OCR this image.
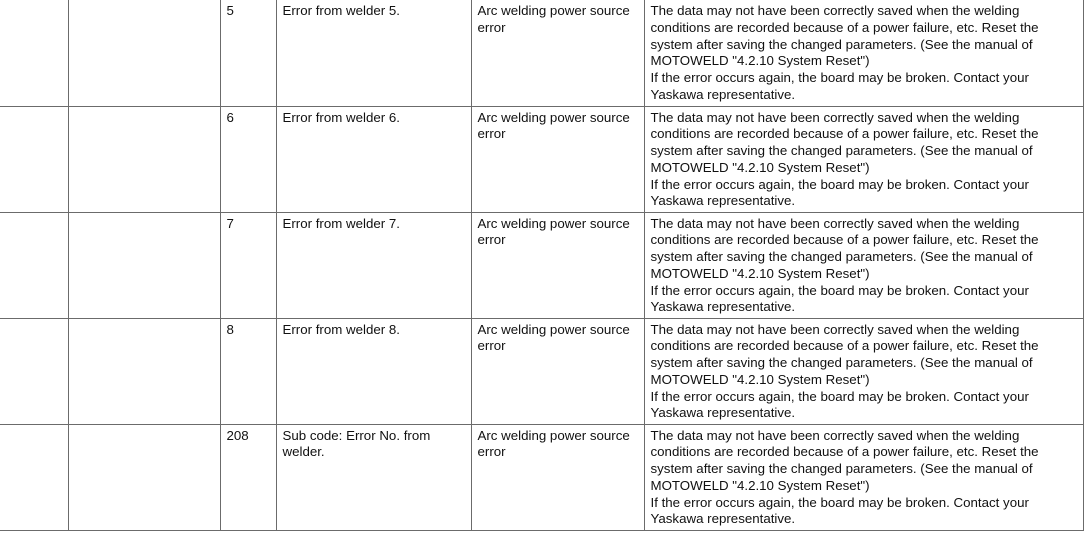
		5	Error from welder 5.	Arc welding power source error	The data may not have been correctly saved when the welding conditions are recorded because of a power failure, etc. Reset the system after saving the changed parameters. (See the manual of MOTOWELD "4.2.10 System Reset")
If the error occurs again, the board may be broken. Contact your Yaskawa representative.

		6	Error from welder 6.	Arc welding power source error	The data may not have been correctly saved when the welding conditions are recorded because of a power failure, etc. Reset the system after saving the changed parameters. (See the manual of MOTOWELD "4.2.10 System Reset")
If the error occurs again, the board may be broken. Contact your Yaskawa representative.

		7	Error from welder 7.	Arc welding power source error	The data may not have been correctly saved when the welding conditions are recorded because of a power failure, etc. Reset the system after saving the changed parameters. (See the manual of MOTOWELD "4.2.10 System Reset")
If the error occurs again, the board may be broken. Contact your Yaskawa representative.

		8	Error from welder 8.	Arc welding power source error	The data may not have been correctly saved when the welding conditions are recorded because of a power failure, etc. Reset the system after saving the changed parameters. (See the manual of MOTOWELD "4.2.10 System Reset")
If the error occurs again, the board may be broken. Contact your Yaskawa representative.

		208	Sub code: Error No. from welder.	Arc welding power source error	The data may not have been correctly saved when the welding conditions are recorded because of a power failure, etc. Reset the system after saving the changed parameters. (See the manual of MOTOWELD "4.2.10 System Reset")
If the error occurs again, the board may be broken. Contact your Yaskawa representative.
